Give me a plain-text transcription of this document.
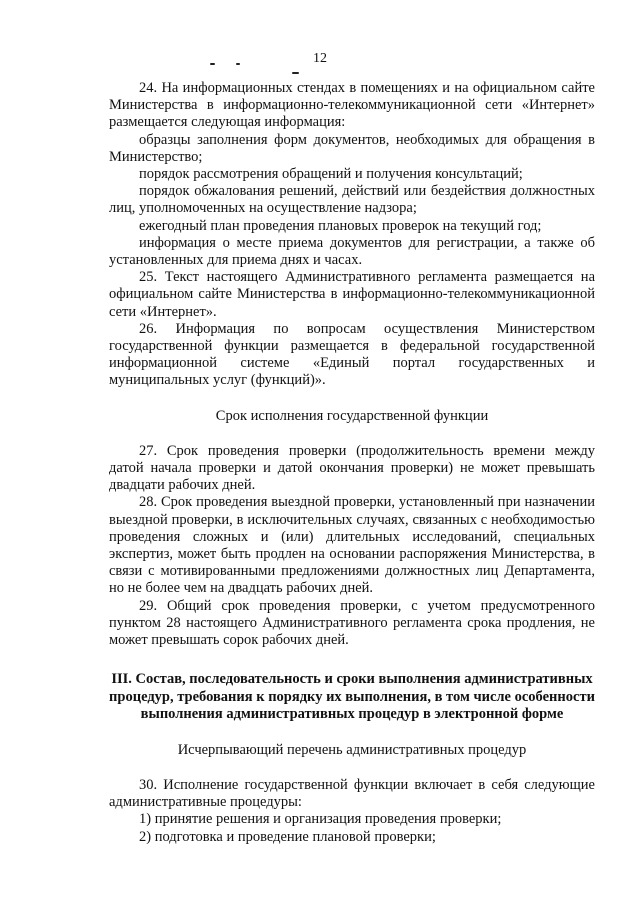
12

24. На информационных стендах в помещениях и на официальном сайте Министерства в информационно-телекоммуникационной сети «Интернет» размещается следующая информация:

образцы заполнения форм документов, необходимых для обращения в Министерство;

порядок рассмотрения обращений и получения консультаций;

порядок обжалования решений, действий или бездействия должностных лиц, уполномоченных на осуществление надзора;

ежегодный план проведения плановых проверок на текущий год;

информация о месте приема документов для регистрации, а также об установленных для приема днях и часах.

25. Текст настоящего Административного регламента размещается на официальном сайте Министерства в информационно-телекоммуникационной сети «Интернет».

26. Информация по вопросам осуществления Министерством государственной функции размещается в федеральной государственной информационной системе «Единый портал государственных и муниципальных услуг (функций)».

Срок исполнения государственной функции

27. Срок проведения проверки (продолжительность времени между датой начала проверки и датой окончания проверки) не может превышать двадцати рабочих дней.

28. Срок проведения выездной проверки, установленный при назначении выездной проверки, в исключительных случаях, связанных с необходимостью проведения сложных и (или) длительных исследований, специальных экспертиз, может быть продлен на основании распоряжения Министерства, в связи с мотивированными предложениями должностных лиц Департамента, но не более чем на двадцать рабочих дней.

29. Общий срок проведения проверки, с учетом предусмотренного пунктом 28 настоящего Административного регламента срока продления, не может превышать сорок рабочих дней.

III. Состав, последовательность и сроки выполнения административных процедур, требования к порядку их выполнения, в том числе особенности выполнения административных процедур в электронной форме

Исчерпывающий перечень административных процедур

30. Исполнение государственной функции включает в себя следующие административные процедуры:

1) принятие решения и организация проведения проверки;

2) подготовка и проведение плановой проверки;
